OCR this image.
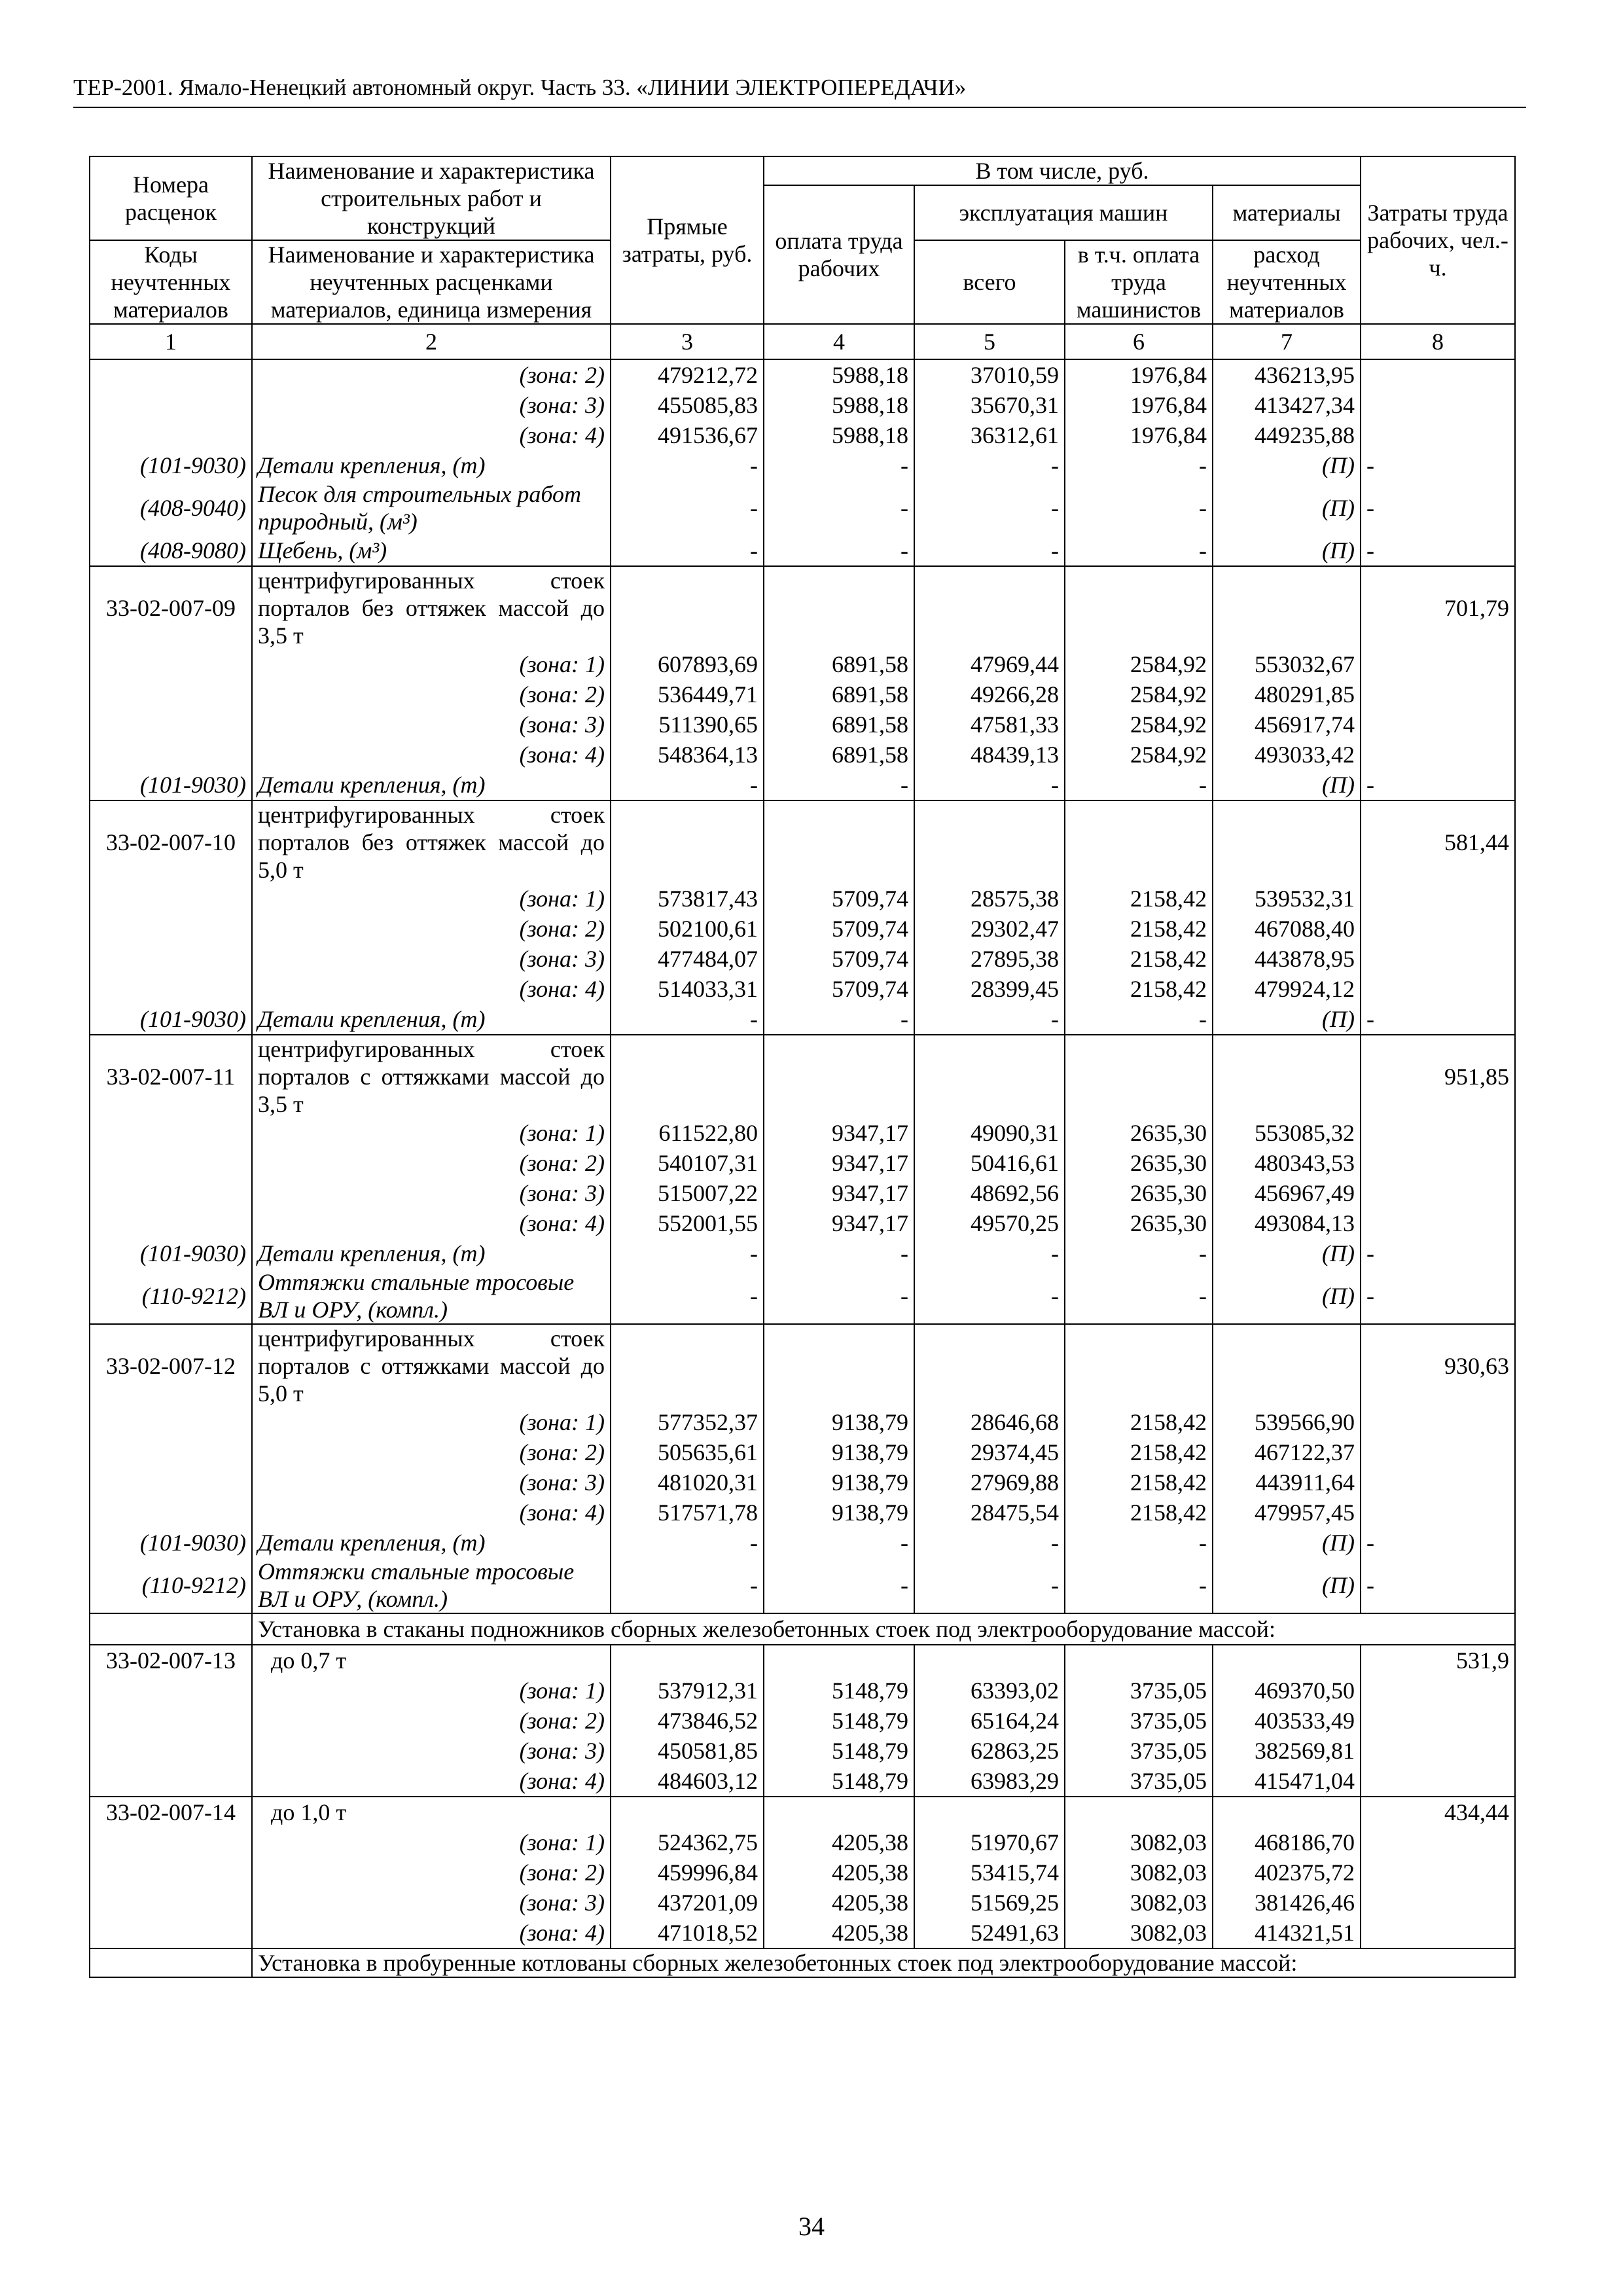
ТЕР-2001. Ямало-Ненецкий автономный округ. Часть 33. «ЛИНИИ ЭЛЕКТРОПЕРЕДАЧИ»
Номера расценок	Наименование и характеристика строительных работ и конструкций	Прямые затраты, руб.	В том числе, руб.				Затраты труда рабочих, чел.-ч.
			оплата труда рабочих	эксплуатация машин		материалы	
Коды неучтенных материалов	Наименование и характеристика неучтенных расценками материалов, единица измерения			всего	в т.ч. оплата труда машинистов	расход неучтенных материалов	
1	2	3	4	5	6	7	8
	(зона: 2)	479212,72	5988,18	37010,59	1976,84	436213,95	
	(зона: 3)	455085,83	5988,18	35670,31	1976,84	413427,34	
	(зона: 4)	491536,67	5988,18	36312,61	1976,84	449235,88	
(101-9030)	Детали крепления, (т)	-	-	-	-	(П)	-
(408-9040)	Песок для строительных работ природный, (м³)	-	-	-	-	(П)	-
(408-9080)	Щебень, (м³)	-	-	-	-	(П)	-
33-02-007-09	центрифугированных стоек порталов без оттяжек массой до 3,5 т						701,79
	(зона: 1)	607893,69	6891,58	47969,44	2584,92	553032,67	
	(зона: 2)	536449,71	6891,58	49266,28	2584,92	480291,85	
	(зона: 3)	511390,65	6891,58	47581,33	2584,92	456917,74	
	(зона: 4)	548364,13	6891,58	48439,13	2584,92	493033,42	
(101-9030)	Детали крепления, (т)	-	-	-	-	(П)	-
33-02-007-10	центрифугированных стоек порталов без оттяжек массой до 5,0 т						581,44
	(зона: 1)	573817,43	5709,74	28575,38	2158,42	539532,31	
	(зона: 2)	502100,61	5709,74	29302,47	2158,42	467088,40	
	(зона: 3)	477484,07	5709,74	27895,38	2158,42	443878,95	
	(зона: 4)	514033,31	5709,74	28399,45	2158,42	479924,12	
(101-9030)	Детали крепления, (т)	-	-	-	-	(П)	-
33-02-007-11	центрифугированных стоек порталов с оттяжками массой до 3,5 т						951,85
	(зона: 1)	611522,80	9347,17	49090,31	2635,30	553085,32	
	(зона: 2)	540107,31	9347,17	50416,61	2635,30	480343,53	
	(зона: 3)	515007,22	9347,17	48692,56	2635,30	456967,49	
	(зона: 4)	552001,55	9347,17	49570,25	2635,30	493084,13	
(101-9030)	Детали крепления, (т)	-	-	-	-	(П)	-
(110-9212)	Оттяжки стальные тросовые ВЛ и ОРУ, (компл.)	-	-	-	-	(П)	-
33-02-007-12	центрифугированных стоек порталов с оттяжками массой до 5,0 т						930,63
	(зона: 1)	577352,37	9138,79	28646,68	2158,42	539566,90	
	(зона: 2)	505635,61	9138,79	29374,45	2158,42	467122,37	
	(зона: 3)	481020,31	9138,79	27969,88	2158,42	443911,64	
	(зона: 4)	517571,78	9138,79	28475,54	2158,42	479957,45	
(101-9030)	Детали крепления, (т)	-	-	-	-	(П)	-
(110-9212)	Оттяжки стальные тросовые ВЛ и ОРУ, (компл.)	-	-	-	-	(П)	-
	Установка в стаканы подножников сборных железобетонных стоек под электрооборудование массой:						
33-02-007-13	до 0,7 т						531,9
	(зона: 1)	537912,31	5148,79	63393,02	3735,05	469370,50	
	(зона: 2)	473846,52	5148,79	65164,24	3735,05	403533,49	
	(зона: 3)	450581,85	5148,79	62863,25	3735,05	382569,81	
	(зона: 4)	484603,12	5148,79	63983,29	3735,05	415471,04	
33-02-007-14	до 1,0 т						434,44
	(зона: 1)	524362,75	4205,38	51970,67	3082,03	468186,70	
	(зона: 2)	459996,84	4205,38	53415,74	3082,03	402375,72	
	(зона: 3)	437201,09	4205,38	51569,25	3082,03	381426,46	
	(зона: 4)	471018,52	4205,38	52491,63	3082,03	414321,51	
	Установка в пробуренные котлованы сборных железобетонных стоек под электрооборудование массой:						
34
